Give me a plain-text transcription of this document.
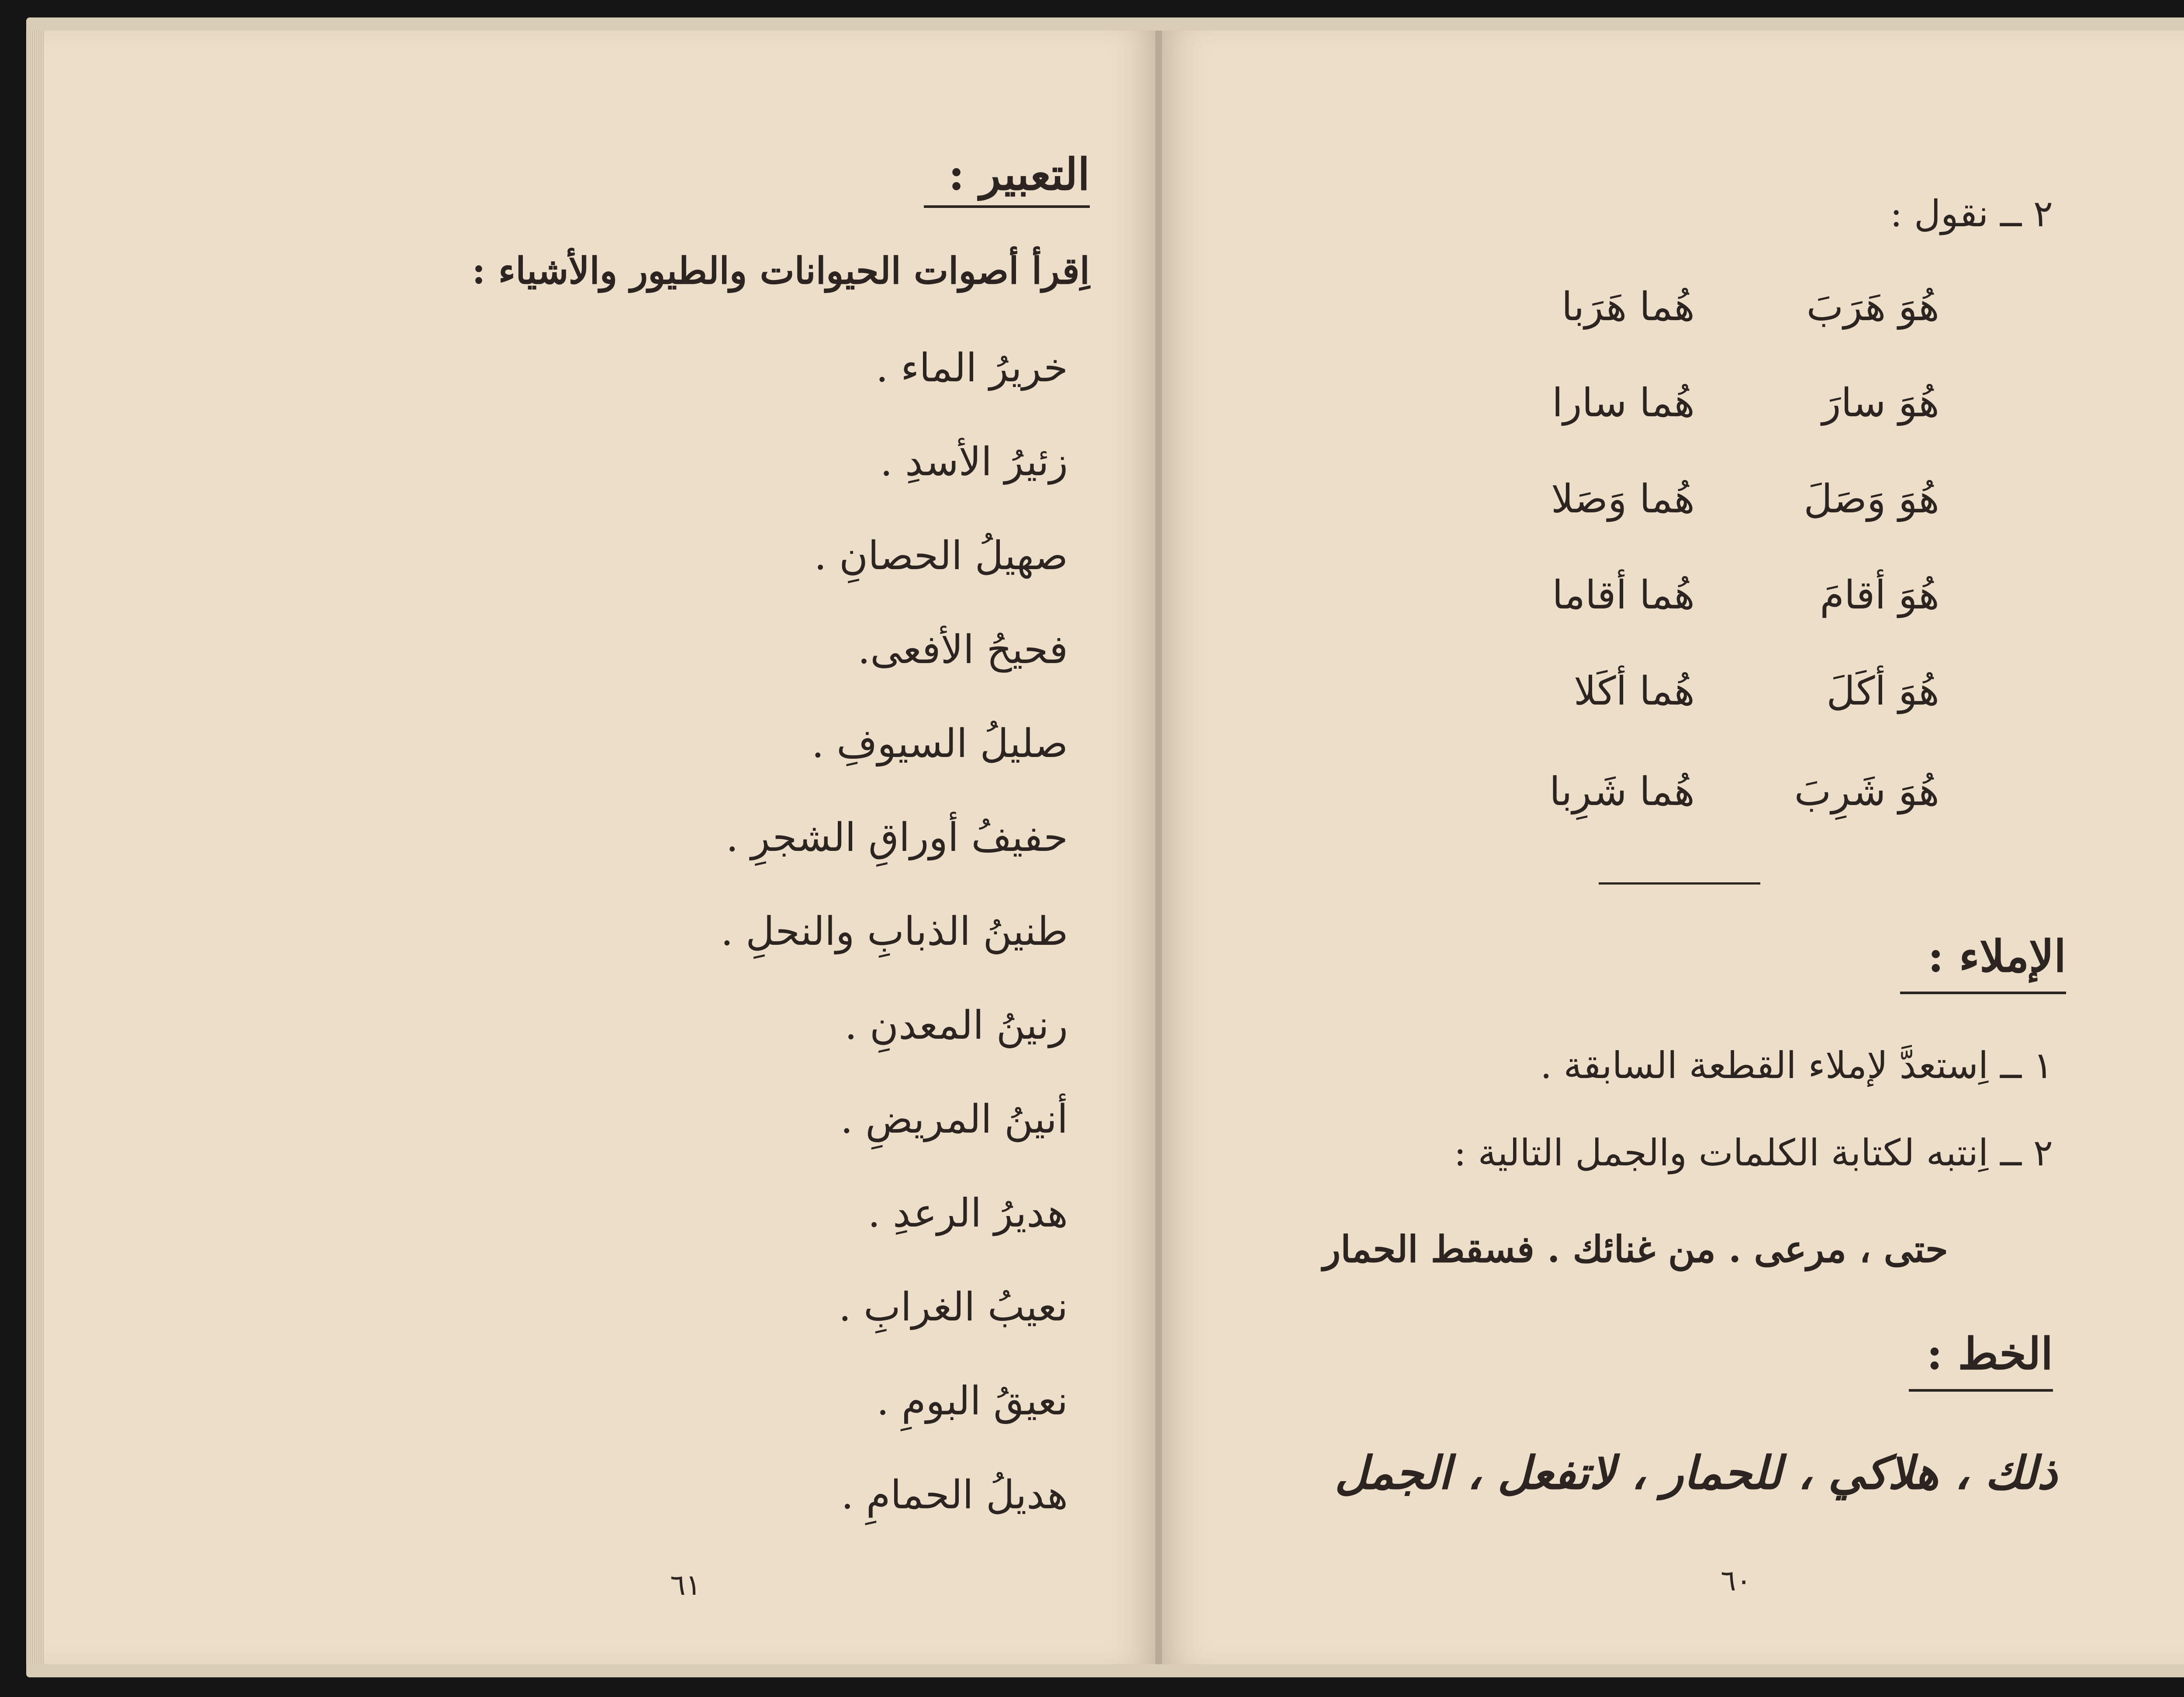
التعبير :
اِقرأ أصوات الحيوانات والطيور والأشياء :
خريرُ الماء .
زئيرُ الأسدِ .
صهيلُ الحصانِ .
فحيحُ الأفعى.
صليلُ السيوفِ .
حفيفُ أوراقِ الشجرِ .
طنينُ الذبابِ والنحلِ .
رنينُ المعدنِ .
أنينُ المريضِ .
هديرُ الرعدِ .
نعيبُ الغرابِ .
نعيقُ البومِ .
هديلُ الحمامِ .
٦١
٢ ــ نقول :
هُوَ هَرَبَ
هُما هَرَبا
هُوَ سارَ
هُما سارا
هُوَ وَصَلَ
هُما وَصَلا
هُوَ أقامَ
هُما أقاما
هُوَ أكَلَ
هُما أكَلا
هُوَ شَرِبَ
هُما شَرِبا
الإملاء :
١ ــ اِستعدَّ لإملاء القطعة السابقة .
٢ ــ اِنتبه لكتابة الكلمات والجمل التالية :
حتى ، مرعى . من غنائك . فسقط الحمار
الخط :
ذلك ، هلاكي ، للحمار ، لاتفعل ، الجمل
٦٠
